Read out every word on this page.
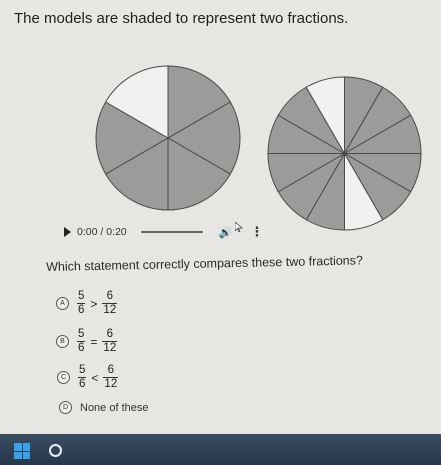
The models are shaded to represent two fractions.
0:00 / 0:20	🔊 ⋮
Which statement correctly compares these two fractions?
A	$\frac{5}{6} > \frac{6}{12}$
B	$\frac{5}{6} = \frac{6}{12}$
C	$\frac{5}{6} < \frac{6}{12}$
D	None of these
